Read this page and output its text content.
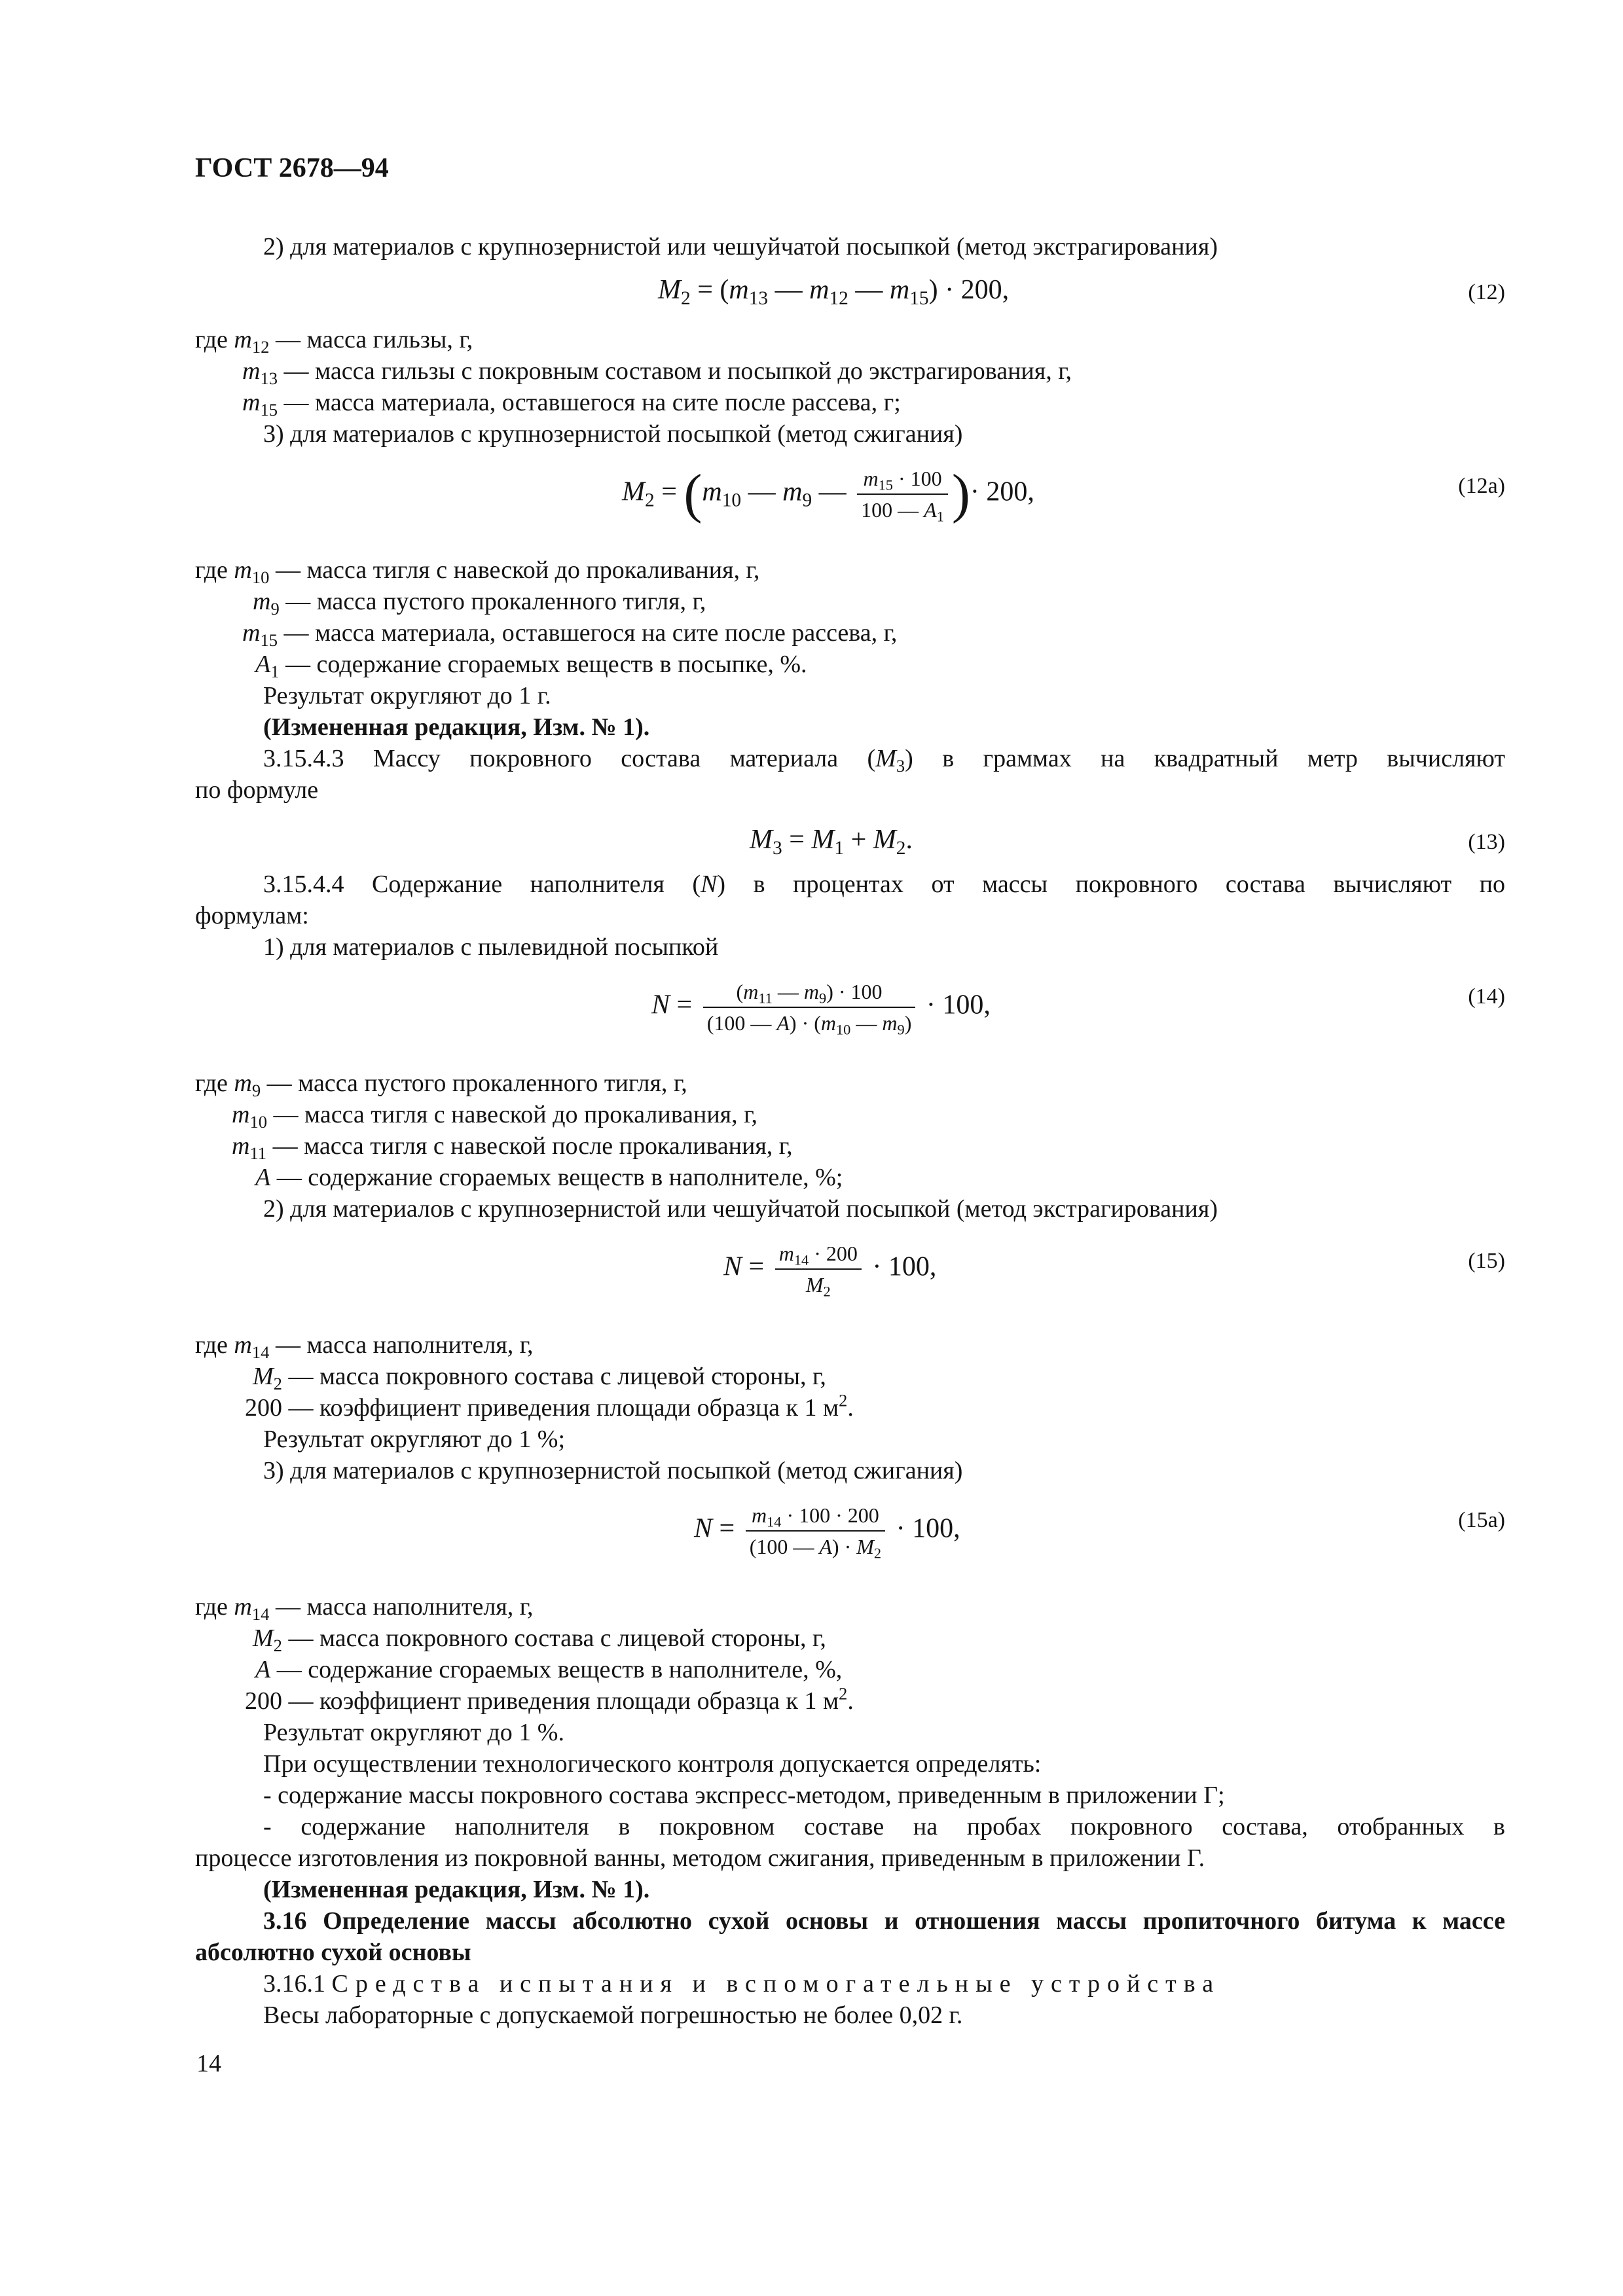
ГОСТ 2678—94
2) для материалов с крупнозернистой или чешуйчатой посыпкой (метод экстрагирования)
$M_2 = (m_{13}$ — $m_{12}$ — $m_{15}) \cdot 200$,	(12)
где $m_{12}$ — масса гильзы, г,
$m_{13}$ — масса гильзы с покровным составом и посыпкой до экстрагирования, г,
$m_{15}$ — масса материала, оставшегося на сите после рассева, г;
3) для материалов с крупнозернистой посыпкой (метод сжигания)
$M_2 = (m_{10}$ — $m_9$ — $\frac{m_{15} \cdot 100}{100 — A_1}$ )· 200,	(12а)
где $m_{10}$ — масса тигля с навеской до прокаливания, г,
$m_9$ — масса пустого прокаленного тигля, г,
$m_{15}$ — масса материала, оставшегося на сите после рассева, г,
$A_1$ — содержание сгораемых веществ в посыпке, %.
Результат округляют до 1 г.
(Измененная редакция, Изм. № 1).
3.15.4.3 Массу покровного состава материала $(M_3)$ в граммах на квадратный метр вычисляют
по формуле
$M_3 = M_1 + M_2$.	(13)
3.15.4.4 Содержание наполнителя (N) в процентах от массы покровного состава вычисляют по
формулам:
1) для материалов с пылевидной посыпкой
$N = \frac{(m_{11} — m_9) \cdot 100}{(100 — A) \cdot (m_{10} — m_9)} \cdot 100$,	(14)
где $m_9$ — масса пустого прокаленного тигля, г,
$m_{10}$ — масса тигля с навеской до прокаливания, г,
$m_{11}$ — масса тигля с навеской после прокаливания, г,
A — содержание сгораемых веществ в наполнителе, %;
2) для материалов с крупнозернистой или чешуйчатой посыпкой (метод экстрагирования)
$N = \frac{m_{14} \cdot 200}{M_2} \cdot 100$,	(15)
где $m_{14}$ — масса наполнителя, г,
$M_2$ — масса покровного состава с лицевой стороны, г,
200 — коэффициент приведения площади образца к 1 $м^2$.
Результат округляют до 1 %;
3) для материалов с крупнозернистой посыпкой (метод сжигания)
$N = \frac{m_{14} \cdot 100 \cdot 200}{(100 — A) \cdot M_2} \cdot 100$,	(15а)
где $m_{14}$ — масса наполнителя, г,
$M_2$ — масса покровного состава с лицевой стороны, г,
A — содержание сгораемых веществ в наполнителе, %,
200 — коэффициент приведения площади образца к 1 $м^2$.
Результат округляют до 1 %.
При осуществлении технологического контроля допускается определять:
- содержание массы покровного состава экспресс-методом, приведенным в приложении Г;
- содержание наполнителя в покровном составе на пробах покровного состава, отобранных в
процессе изготовления из покровной ванны, методом сжигания, приведенным в приложении Г.
(Измененная редакция, Изм. № 1).
3.16 Определение массы абсолютно сухой основы и отношения массы пропиточного битума к массе
абсолютно сухой основы
3.16.1 Средства испытания и вспомогательные устройства
Весы лабораторные с допускаемой погрешностью не более 0,02 г.
14
